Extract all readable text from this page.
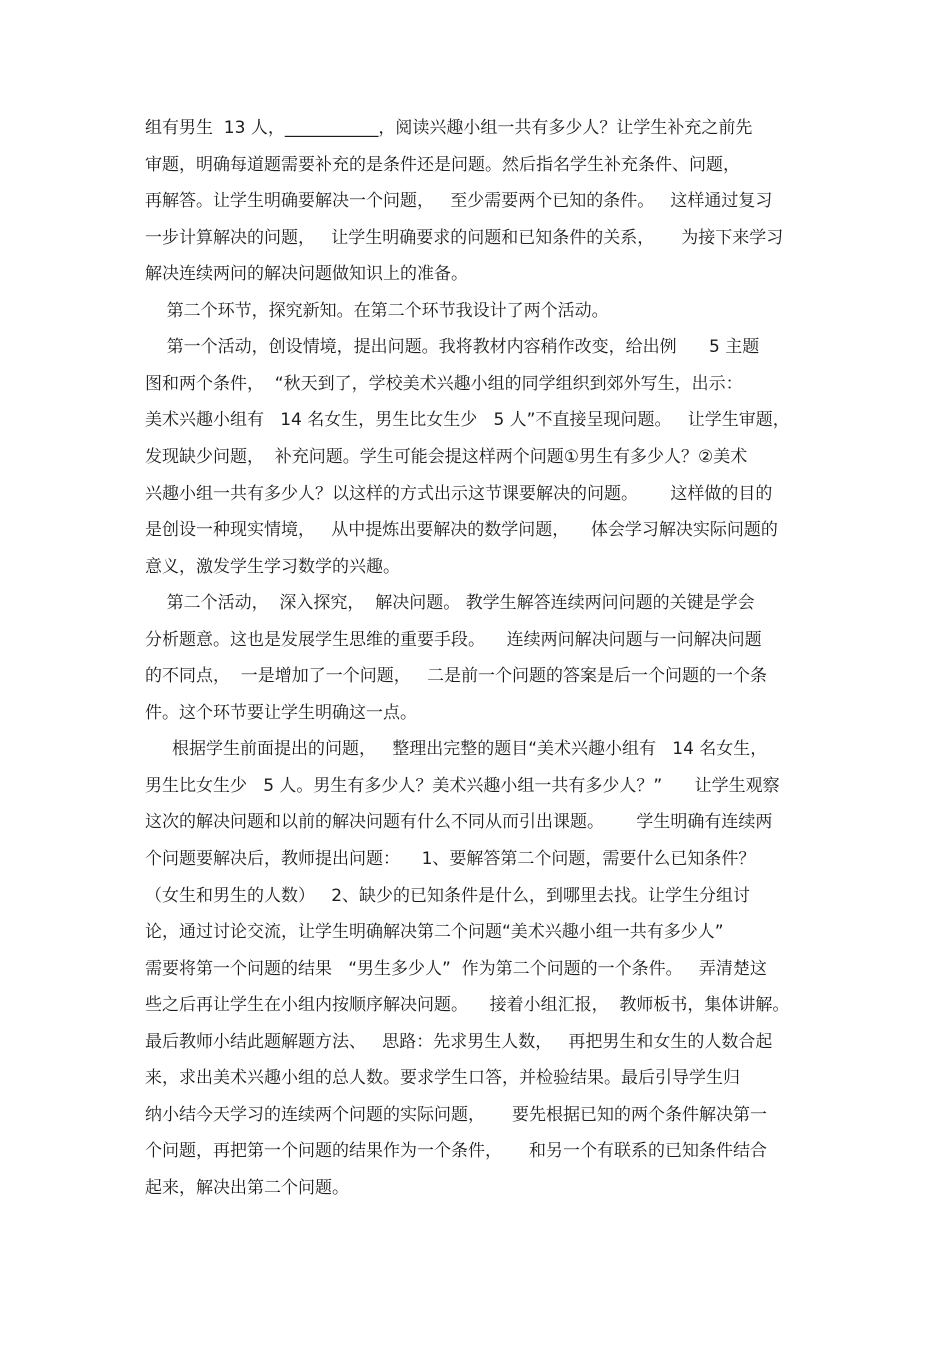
组有男生  13 人，___________，阅读兴趣小组一共有多少人？让学生补充之前先

审题，明确每道题需要补充的是条件还是问题。然后指名学生补充条件、问题，

再解答。让学生明确要解决一个问题，   至少需要两个已知的条件。   这样通过复习

一步计算解决的问题，   让学生明确要求的问题和已知条件的关系，     为接下来学习

解决连续两问的解决问题做知识上的准备。

第二个环节，探究新知。在第二个环节我设计了两个活动。

第一个活动，创设情境，提出问题。我将教材内容稍作改变，给出例      5 主题

图和两个条件，  “秋天到了，学校美术兴趣小组的同学组织到郊外写生，出示：

美术兴趣小组有   14 名女生，男生比女生少   5 人”不直接呈现问题。   让学生审题，

发现缺少问题，  补充问题。学生可能会提这样两个问题①男生有多少人？②美术

兴趣小组一共有多少人？以这样的方式出示这节课要解决的问题。      这样做的目的

是创设一种现实情境，   从中提炼出要解决的数学问题，    体会学习解决实际问题的

意义，激发学生学习数学的兴趣。

第二个活动，  深入探究，  解决问题。 教学生解答连续两问问题的关键是学会

分析题意。这也是发展学生思维的重要手段。    连续两问解决问题与一问解决问题

的不同点，  一是增加了一个问题，   二是前一个问题的答案是后一个问题的一个条

件。这个环节要让学生明确这一点。

根据学生前面提出的问题，   整理出完整的题目“美术兴趣小组有   14 名女生，

男生比女生少   5 人。男生有多少人？美术兴趣小组一共有多少人？”      让学生观察

这次的解决问题和以前的解决问题有什么不同从而引出课题。      学生明确有连续两

个问题要解决后，教师提出问题：    1、要解答第二个问题，需要什么已知条件？

（女生和男生的人数）   2、缺少的已知条件是什么，到哪里去找。让学生分组讨

论，通过讨论交流，让学生明确解决第二个问题“美术兴趣小组一共有多少人”

需要将第一个问题的结果   “男生多少人”  作为第二个问题的一个条件。   弄清楚这

些之后再让学生在小组内按顺序解决问题。    接着小组汇报，  教师板书，集体讲解。

最后教师小结此题解题方法、   思路：先求男生人数，   再把男生和女生的人数合起

来，求出美术兴趣小组的总人数。要求学生口答，并检验结果。最后引导学生归

纳小结今天学习的连续两个问题的实际问题，     要先根据已知的两个条件解决第一

个问题，再把第一个问题的结果作为一个条件，     和另一个有联系的已知条件结合

起来，解决出第二个问题。
